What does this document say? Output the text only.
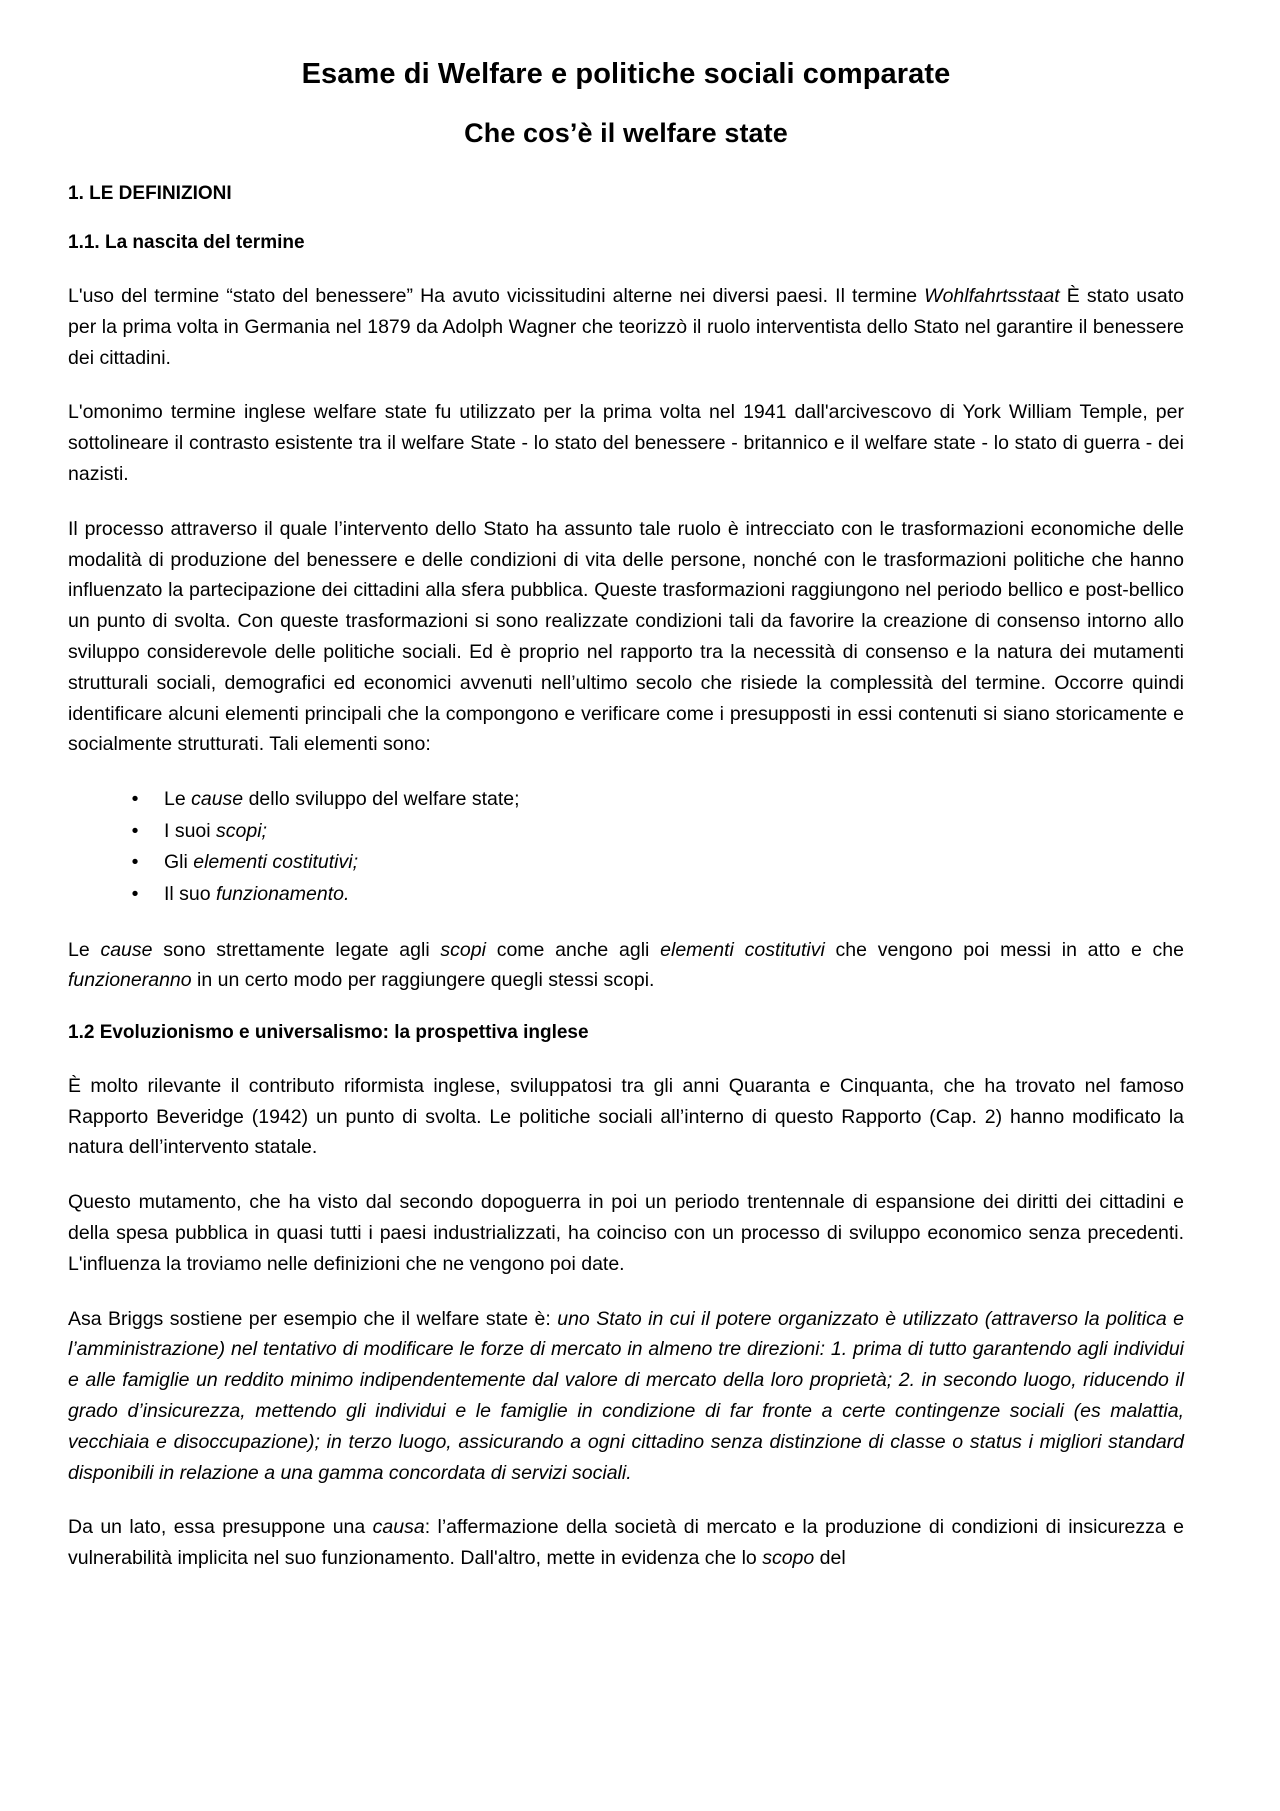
Esame di Welfare e politiche sociali comparate
Che cos’è il welfare state
1. LE DEFINIZIONI
1.1. La nascita del termine

L'uso del termine “stato del benessere” Ha avuto vicissitudini alterne nei diversi paesi. Il termine Wohlfahrtsstaat È stato usato per la prima volta in Germania nel 1879 da Adolph Wagner che teorizzò il ruolo interventista dello Stato nel garantire il benessere dei cittadini.

L'omonimo termine inglese welfare state fu utilizzato per la prima volta nel 1941 dall'arcivescovo di York William Temple, per sottolineare il contrasto esistente tra il welfare State - lo stato del benessere - britannico e il welfare state - lo stato di guerra - dei nazisti.

Il processo attraverso il quale l’intervento dello Stato ha assunto tale ruolo è intrecciato con le trasformazioni economiche delle modalità di produzione del benessere e delle condizioni di vita delle persone, nonché con le trasformazioni politiche che hanno influenzato la partecipazione dei cittadini alla sfera pubblica. Queste trasformazioni raggiungono nel periodo bellico e post-bellico un punto di svolta. Con queste trasformazioni si sono realizzate condizioni tali da favorire la creazione di consenso intorno allo sviluppo considerevole delle politiche sociali. Ed è proprio nel rapporto tra la necessità di consenso e la natura dei mutamenti strutturali sociali, demografici ed economici avvenuti nell’ultimo secolo che risiede la complessità del termine. Occorre quindi identificare alcuni elementi principali che la compongono e verificare come i presupposti in essi contenuti si siano storicamente e socialmente strutturati. Tali elementi sono:

• Le cause dello sviluppo del welfare state;
• I suoi scopi;
• Gli elementi costitutivi;
• Il suo funzionamento.

Le cause sono strettamente legate agli scopi come anche agli elementi costitutivi che vengono poi messi in atto e che funzioneranno in un certo modo per raggiungere quegli stessi scopi.

1.2 Evoluzionismo e universalismo: la prospettiva inglese

È molto rilevante il contributo riformista inglese, sviluppatosi tra gli anni Quaranta e Cinquanta, che ha trovato nel famoso Rapporto Beveridge (1942) un punto di svolta. Le politiche sociali all’interno di questo Rapporto (Cap. 2) hanno modificato la natura dell’intervento statale.

Questo mutamento, che ha visto dal secondo dopoguerra in poi un periodo trentennale di espansione dei diritti dei cittadini e della spesa pubblica in quasi tutti i paesi industrializzati, ha coinciso con un processo di sviluppo economico senza precedenti. L'influenza la troviamo nelle definizioni che ne vengono poi date.

Asa Briggs sostiene per esempio che il welfare state è: uno Stato in cui il potere organizzato è utilizzato (attraverso la politica e l’amministrazione) nel tentativo di modificare le forze di mercato in almeno tre direzioni: 1. prima di tutto garantendo agli individui e alle famiglie un reddito minimo indipendentemente dal valore di mercato della loro proprietà; 2. in secondo luogo, riducendo il grado d’insicurezza, mettendo gli individui e le famiglie in condizione di far fronte a certe contingenze sociali (es malattia, vecchiaia e disoccupazione); in terzo luogo, assicurando a ogni cittadino senza distinzione di classe o status i migliori standard disponibili in relazione a una gamma concordata di servizi sociali.

Da un lato, essa presuppone una causa: l’affermazione della società di mercato e la produzione di condizioni di insicurezza e vulnerabilità implicita nel suo funzionamento. Dall'altro, mette in evidenza che lo scopo del
